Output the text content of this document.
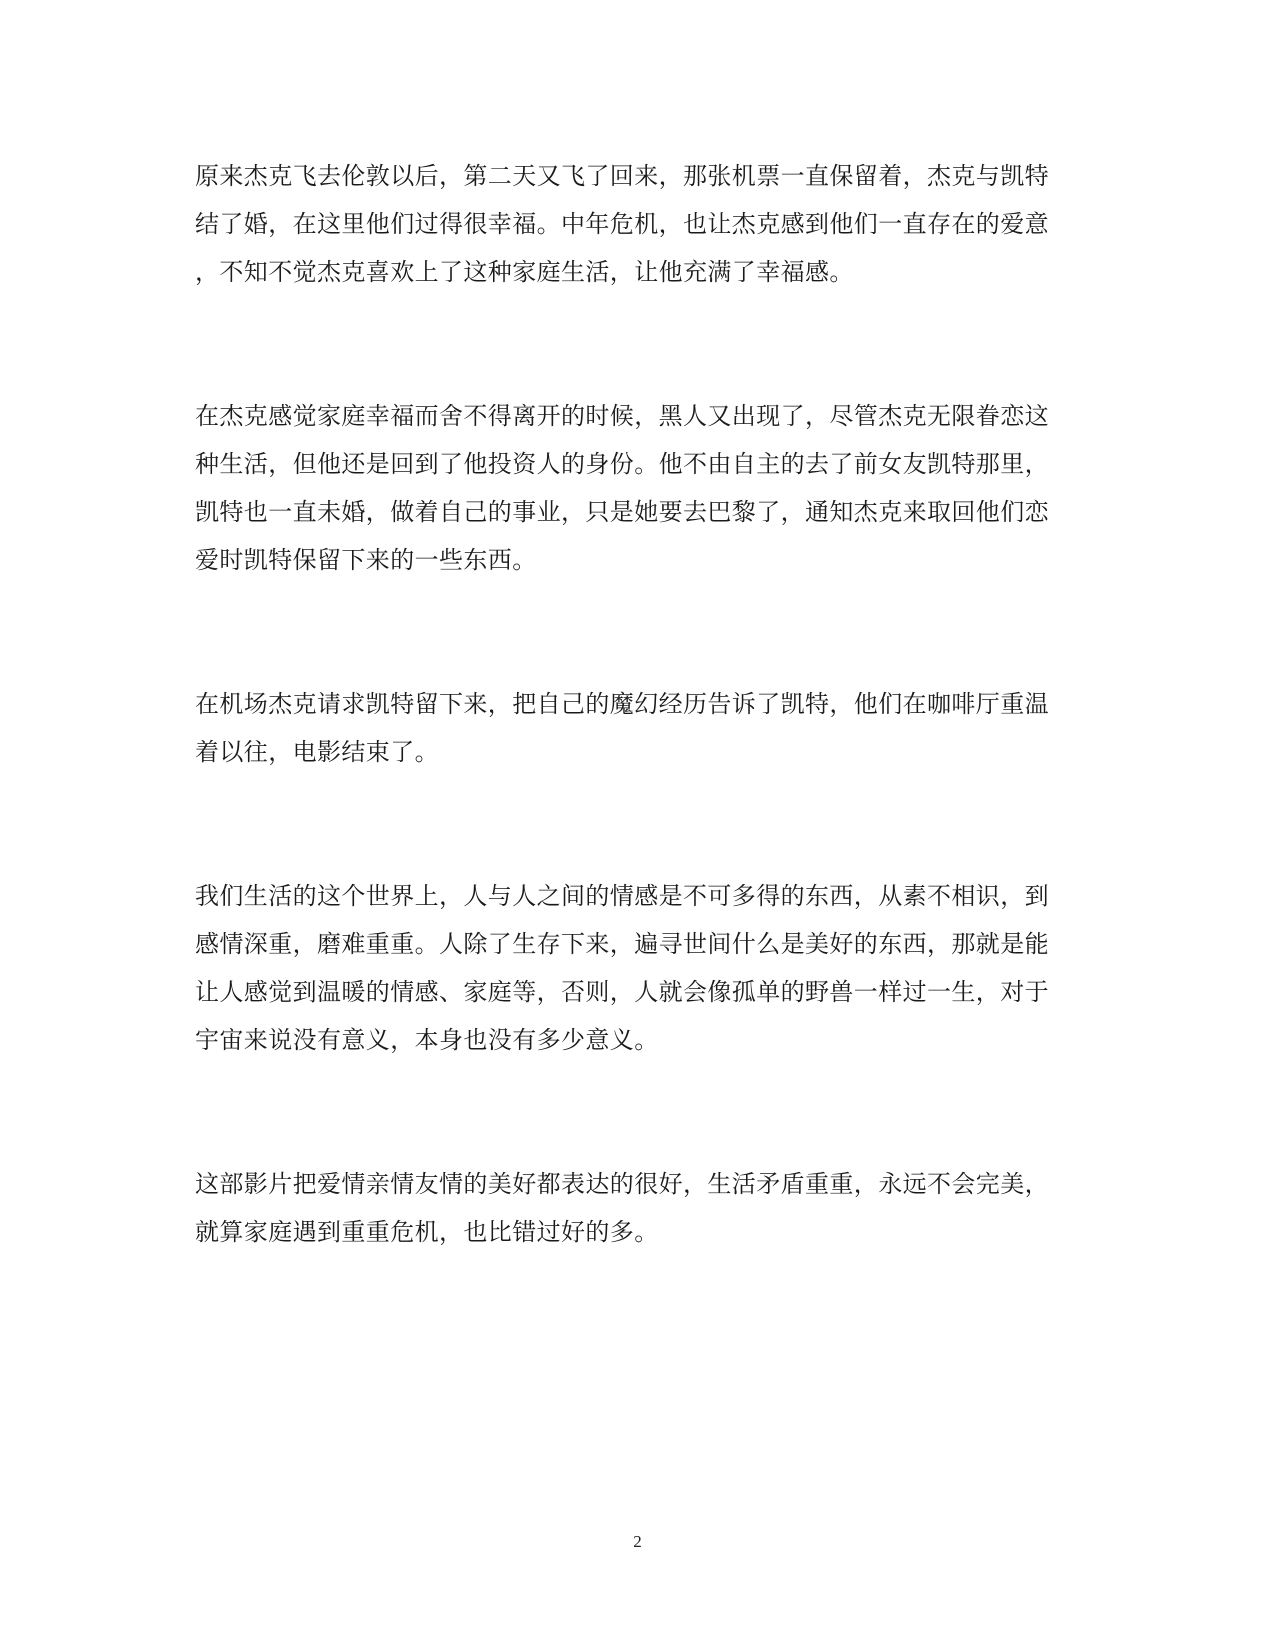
原来杰克飞去伦敦以后，第二天又飞了回来，那张机票一直保留着，杰克与凯特
结了婚，在这里他们过得很幸福。中年危机，也让杰克感到他们一直存在的爱意
，不知不觉杰克喜欢上了这种家庭生活，让他充满了幸福感。
在杰克感觉家庭幸福而舍不得离开的时候，黑人又出现了，尽管杰克无限眷恋这
种生活，但他还是回到了他投资人的身份。他不由自主的去了前女友凯特那里，
凯特也一直未婚，做着自己的事业，只是她要去巴黎了，通知杰克来取回他们恋
爱时凯特保留下来的一些东西。
在机场杰克请求凯特留下来，把自己的魔幻经历告诉了凯特，他们在咖啡厅重温
着以往，电影结束了。
我们生活的这个世界上，人与人之间的情感是不可多得的东西，从素不相识，到
感情深重，磨难重重。人除了生存下来，遍寻世间什么是美好的东西，那就是能
让人感觉到温暖的情感、家庭等，否则，人就会像孤单的野兽一样过一生，对于
宇宙来说没有意义，本身也没有多少意义。
这部影片把爱情亲情友情的美好都表达的很好，生活矛盾重重，永远不会完美，
就算家庭遇到重重危机，也比错过好的多。
2
